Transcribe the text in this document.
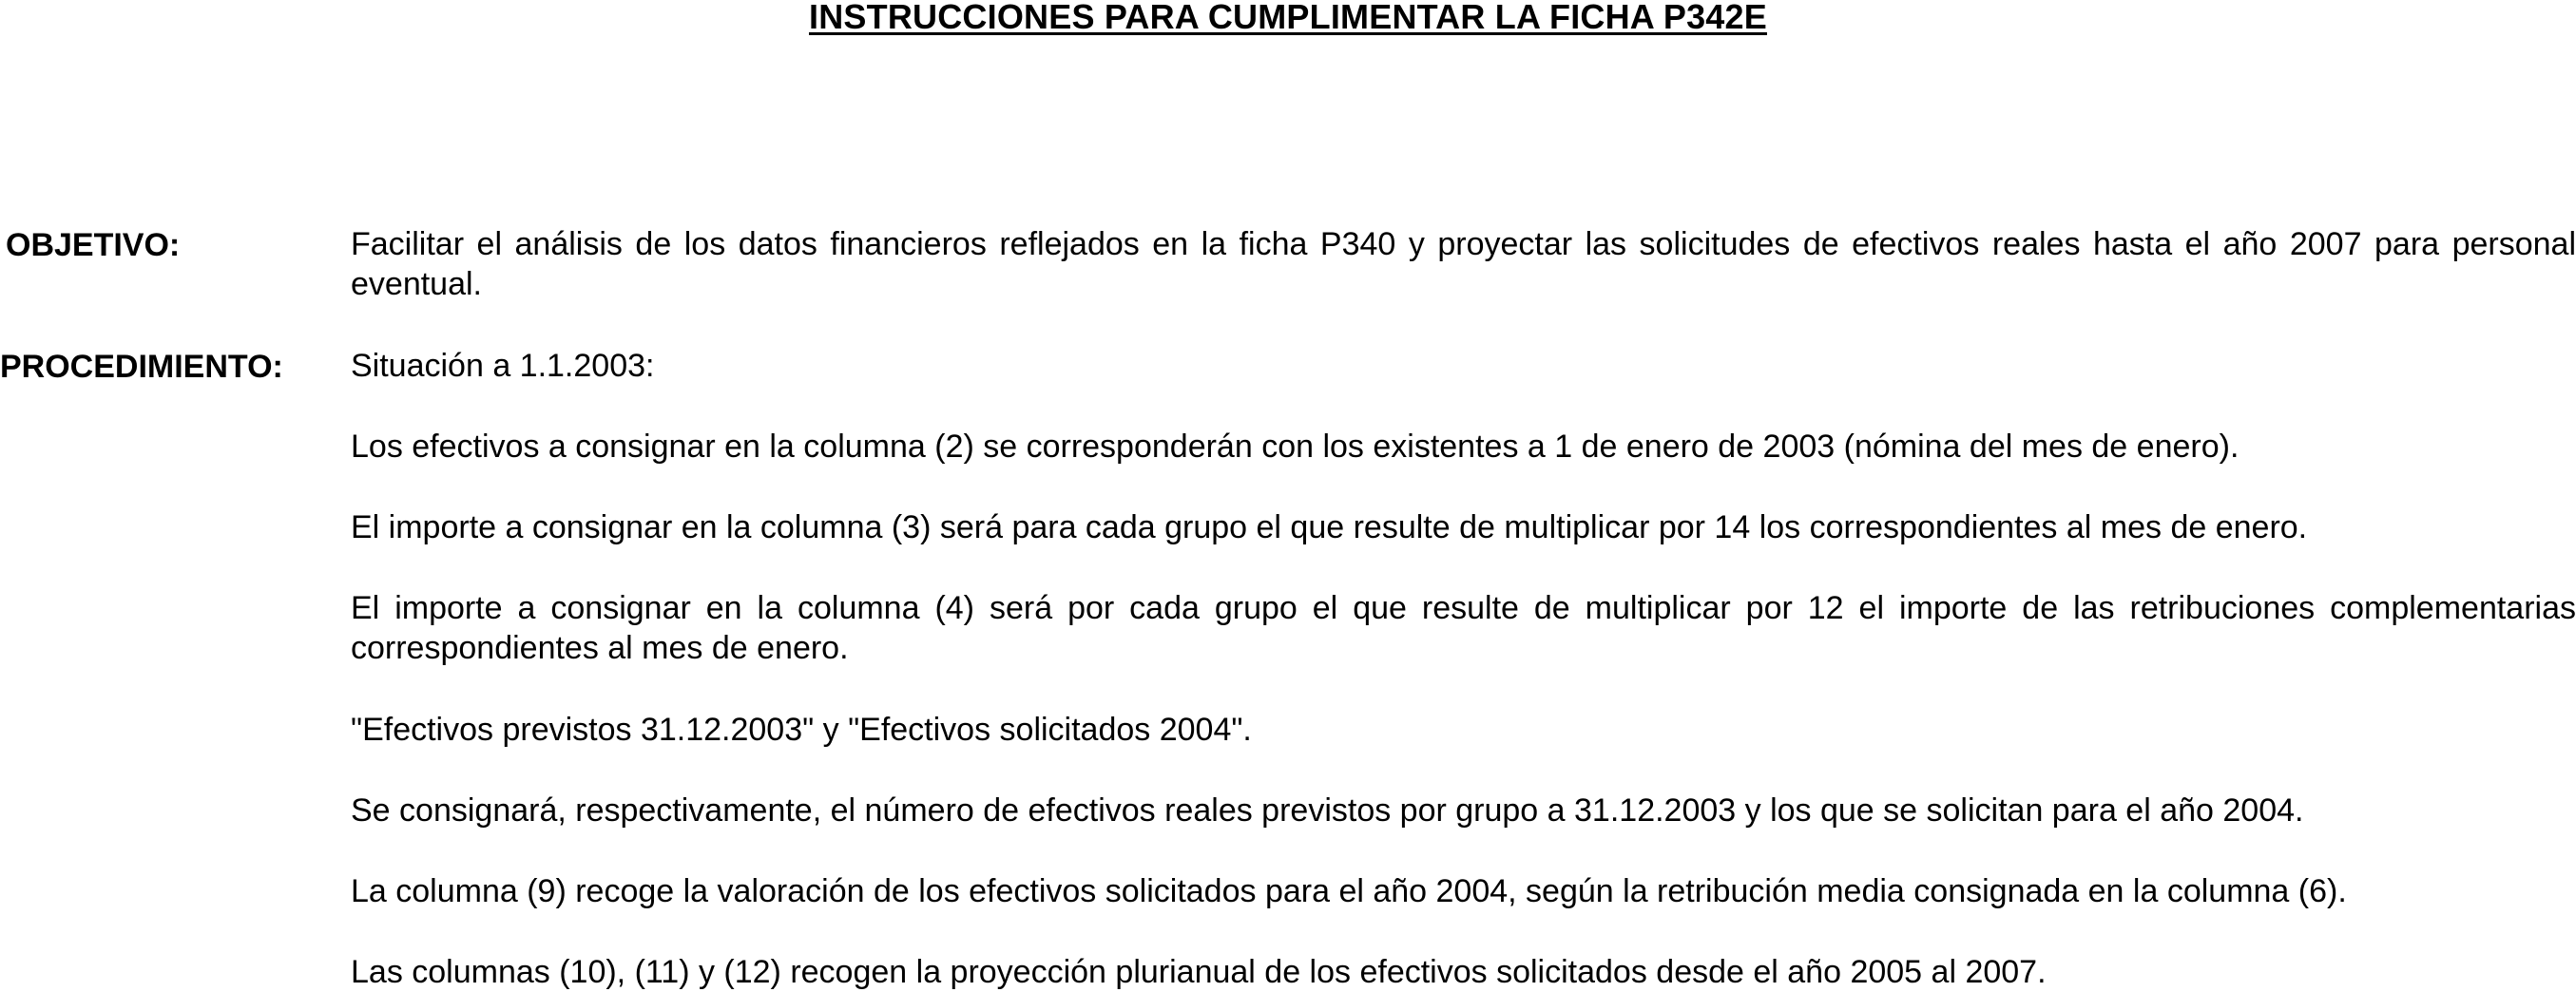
INSTRUCCIONES PARA CUMPLIMENTAR LA FICHA P342E
OBJETIVO:	Facilitar el análisis de los datos financieros reflejados en la ficha P340 y proyectar las solicitudes de efectivos reales hasta el año 2007 para personal eventual.
PROCEDIMIENTO: Situación a 1.1.2003:
Los efectivos a consignar en la columna (2) se corresponderán con los existentes a 1 de enero de 2003 (nómina del mes de enero).
El importe a consignar en la columna (3) será para cada grupo el que resulte de multiplicar por 14 los correspondientes al mes de enero.
El importe a consignar en la columna (4) será por cada grupo el que resulte de multiplicar por 12 el importe de las retribuciones complementarias correspondientes al mes de enero.
"Efectivos previstos 31.12.2003" y "Efectivos solicitados 2004".
Se consignará, respectivamente, el número de efectivos reales previstos por grupo a 31.12.2003 y los que se solicitan para el año 2004.
La columna (9) recoge la valoración de los efectivos solicitados para el año 2004, según la retribución media consignada en la columna (6).
Las columnas (10), (11) y (12) recogen la proyección plurianual de los efectivos solicitados desde el año 2005 al 2007.
